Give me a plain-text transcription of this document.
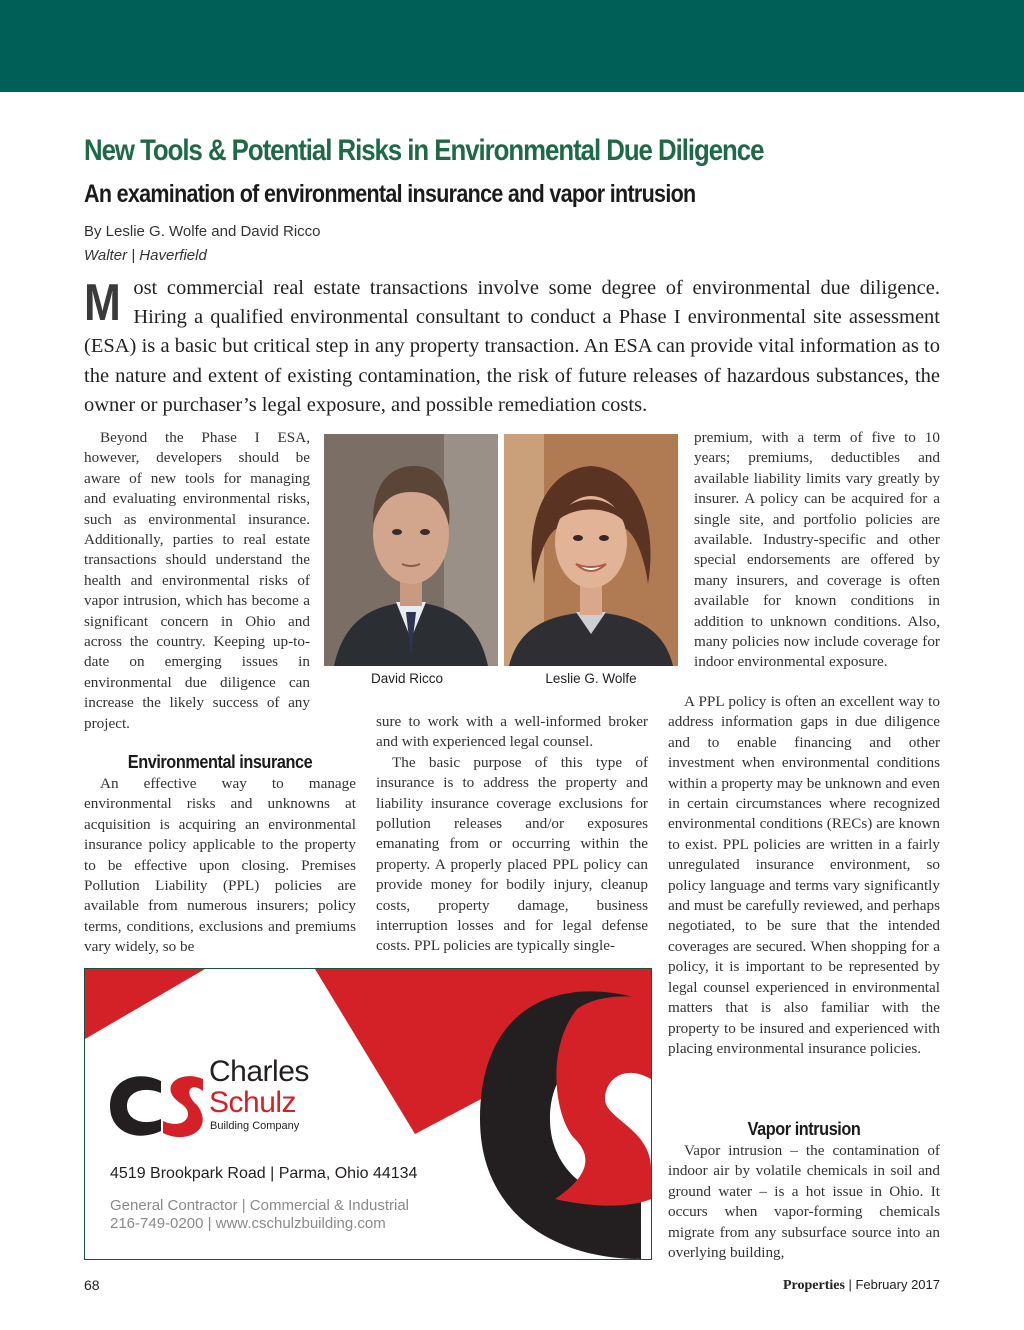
New Tools & Potential Risks in Environmental Due Diligence
An examination of environmental insurance and vapor intrusion
By Leslie G. Wolfe and David Ricco
Walter | Haverfield

Most commercial real estate transactions involve some degree of environmental due diligence. Hiring a qualified environmental consultant to conduct a Phase I environmental site assessment (ESA) is a basic but critical step in any property transaction. An ESA can provide vital information as to the nature and extent of existing contamination, the risk of future releases of hazardous substances, the owner or purchaser’s legal exposure, and possible remediation costs.

Beyond the Phase I ESA, however, developers should be aware of new tools for managing and evaluating environmental risks, such as environmental insurance. Additionally, parties to real estate transactions should understand the health and environmental risks of vapor intrusion, which has become a significant concern in Ohio and across the country. Keeping up-to-date on emerging issues in environmental due diligence can increase the likely success of any project.

Environmental insurance

An effective way to manage environmental risks and unknowns at acquisition is acquiring an environmental insurance policy applicable to the property to be effective upon closing. Premises Pollution Liability (PPL) policies are available from numerous insurers; policy terms, conditions, exclusions and premiums vary widely, so be

David Ricco	Leslie G. Wolfe

sure to work with a well-informed broker and with experienced legal counsel.

The basic purpose of this type of insurance is to address the property and liability insurance coverage exclusions for pollution releases and/or exposures emanating from or occurring within the property. A properly placed PPL policy can provide money for bodily injury, cleanup costs, property damage, business interruption losses and for legal defense costs. PPL policies are typically single-

premium, with a term of five to 10 years; premiums, deductibles and available liability limits vary greatly by insurer. A policy can be acquired for a single site, and portfolio policies are available. Industry-specific and other special endorsements are offered by many insurers, and coverage is often available for known conditions in addition to unknown conditions. Also, many policies now include coverage for indoor environmental exposure.

A PPL policy is often an excellent way to address information gaps in due diligence and to enable financing and other investment when environmental conditions within a property may be unknown and even in certain circumstances where recognized environmental conditions (RECs) are known to exist. PPL policies are written in a fairly unregulated insurance environment, so policy language and terms vary significantly and must be carefully reviewed, and perhaps negotiated, to be sure that the intended coverages are secured. When shopping for a policy, it is important to be represented by legal counsel experienced in environmental matters that is also familiar with the property to be insured and experienced with placing environmental insurance policies.

Vapor intrusion

Vapor intrusion – the contamination of indoor air by volatile chemicals in soil and ground water – is a hot issue in Ohio. It occurs when vapor-forming chemicals migrate from any subsurface source into an overlying building,

Charles
Schulz
Building Company
4519 Brookpark Road | Parma, Ohio 44134
General Contractor | Commercial & Industrial
216-749-0200 | www.cschulzbuilding.com
68	Properties | February 2017
